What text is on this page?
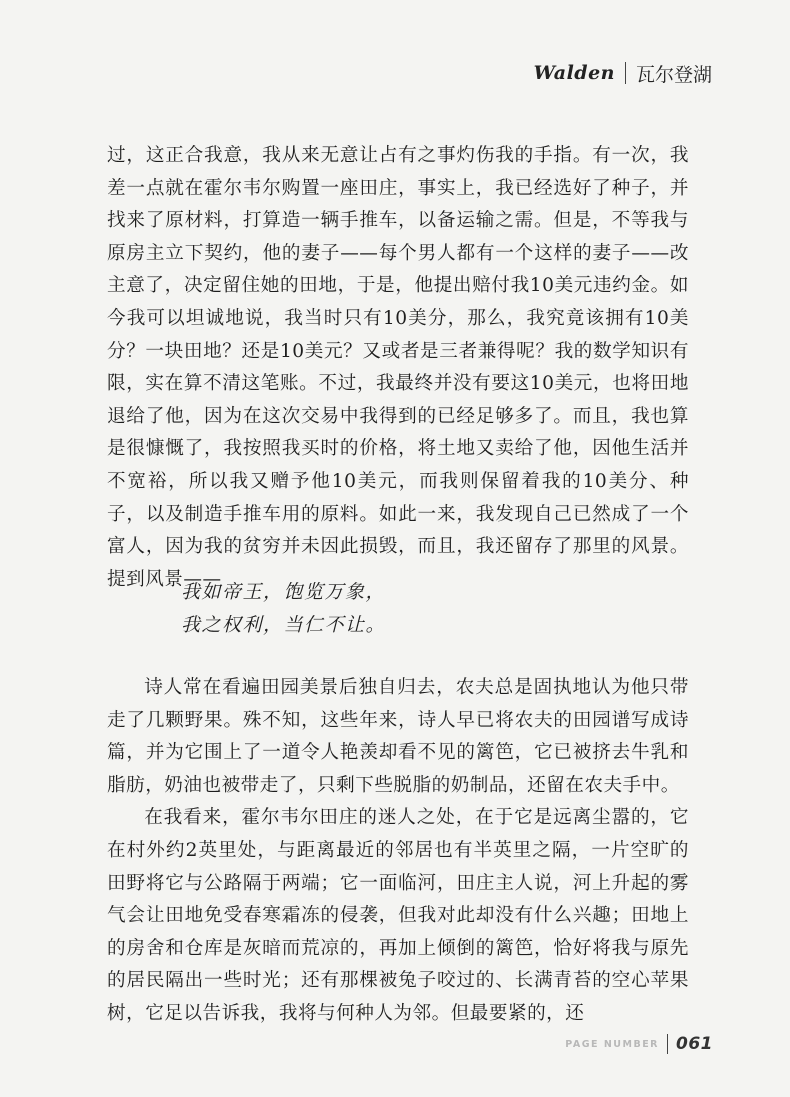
Walden 瓦尔登湖

过，这正合我意，我从来无意让占有之事灼伤我的手指。有一次，我差一点就在霍尔韦尔购置一座田庄，事实上，我已经选好了种子，并找来了原材料，打算造一辆手推车，以备运输之需。但是，不等我与原房主立下契约，他的妻子——每个男人都有一个这样的妻子——改主意了，决定留住她的田地，于是，他提出赔付我10美元违约金。如今我可以坦诚地说，我当时只有10美分，那么，我究竟该拥有10美分？一块田地？还是10美元？又或者是三者兼得呢？我的数学知识有限，实在算不清这笔账。不过，我最终并没有要这10美元，也将田地退给了他，因为在这次交易中我得到的已经足够多了。而且，我也算是很慷慨了，我按照我买时的价格，将土地又卖给了他，因他生活并不宽裕，所以我又赠予他10美元，而我则保留着我的10美分、种子，以及制造手推车用的原料。如此一来，我发现自己已然成了一个富人，因为我的贫穷并未因此损毁，而且，我还留存了那里的风景。提到风景——

我如帝王，饱览万象，
我之权利，当仁不让。

诗人常在看遍田园美景后独自归去，农夫总是固执地认为他只带走了几颗野果。殊不知，这些年来，诗人早已将农夫的田园谱写成诗篇，并为它围上了一道令人艳羡却看不见的篱笆，它已被挤去牛乳和脂肪，奶油也被带走了，只剩下些脱脂的奶制品，还留在农夫手中。

在我看来，霍尔韦尔田庄的迷人之处，在于它是远离尘嚣的，它在村外约2英里处，与距离最近的邻居也有半英里之隔，一片空旷的田野将它与公路隔于两端；它一面临河，田庄主人说，河上升起的雾气会让田地免受春寒霜冻的侵袭，但我对此却没有什么兴趣；田地上的房舍和仓库是灰暗而荒凉的，再加上倾倒的篱笆，恰好将我与原先的居民隔出一些时光；还有那棵被兔子咬过的、长满青苔的空心苹果树，它足以告诉我，我将与何种人为邻。但最要紧的，还

PAGE NUMBER 061
